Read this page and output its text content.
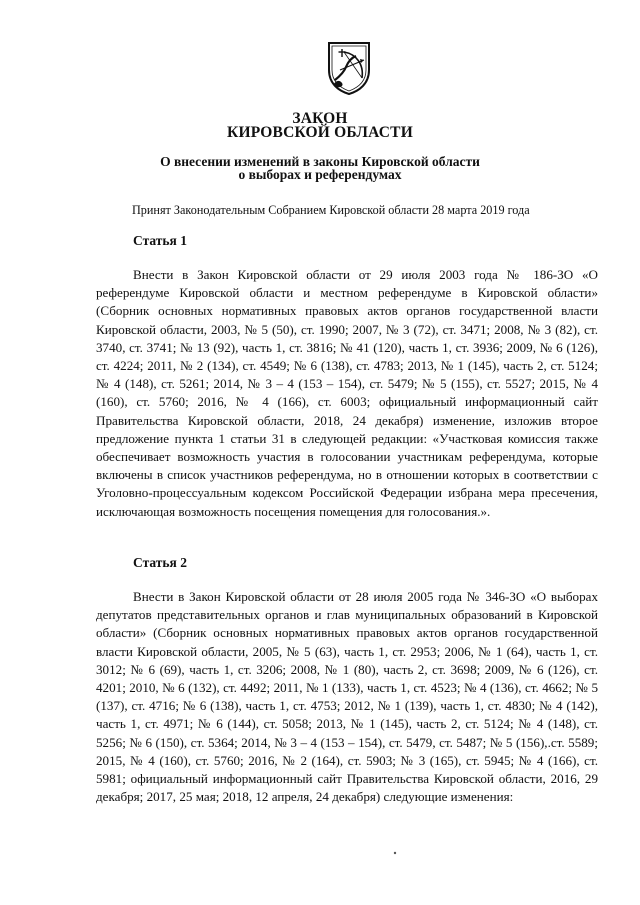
ЗАКОН
КИРОВСКОЙ ОБЛАСТИ
О внесении изменений в законы Кировской области
о выборах и референдумах
Принят Законодательным Собранием Кировской области 28 марта 2019 года
Статья 1
Внести в Закон Кировской области от 29 июля 2003 года № 186-ЗО «О референдуме Кировской области и местном референдуме в Кировской области» (Сборник основных нормативных правовых актов органов государственной власти Кировской области, 2003, № 5 (50), ст. 1990; 2007, № 3 (72), ст. 3471; 2008, № 3 (82), ст. 3740, ст. 3741; № 13 (92), часть 1, ст. 3816; № 41 (120), часть 1, ст. 3936; 2009, № 6 (126), ст. 4224; 2011, № 2 (134), ст. 4549; № 6 (138), ст. 4783; 2013, № 1 (145), часть 2, ст. 5124; № 4 (148), ст. 5261; 2014, № 3 – 4 (153 – 154), ст. 5479; № 5 (155), ст. 5527; 2015, № 4 (160), ст. 5760; 2016, № 4 (166), ст. 6003; официальный информационный сайт Правительства Кировской области, 2018, 24 декабря) изменение, изложив второе предложение пункта 1 статьи 31 в следующей редакции: «Участковая комиссия также обеспечивает возможность участия в голосовании участникам референдума, которые включены в список участников референдума, но в отношении которых в соответствии с Уголовно-процессуальным кодексом Российской Федерации избрана мера пресечения, исключающая возможность посещения помещения для голосования.».
Статья 2
Внести в Закон Кировской области от 28 июля 2005 года № 346-ЗО «О выборах депутатов представительных органов и глав муниципальных образований в Кировской области» (Сборник основных нормативных правовых актов органов государственной власти Кировской области, 2005, № 5 (63), часть 1, ст. 2953; 2006, № 1 (64), часть 1, ст. 3012; № 6 (69), часть 1, ст. 3206; 2008, № 1 (80), часть 2, ст. 3698; 2009, № 6 (126), ст. 4201; 2010, № 6 (132), ст. 4492; 2011, № 1 (133), часть 1, ст. 4523; № 4 (136), ст. 4662; № 5 (137), ст. 4716; № 6 (138), часть 1, ст. 4753; 2012, № 1 (139), часть 1, ст. 4830; № 4 (142), часть 1, ст. 4971; № 6 (144), ст. 5058; 2013, № 1 (145), часть 2, ст. 5124; № 4 (148), ст. 5256; № 6 (150), ст. 5364; 2014, № 3 – 4 (153 – 154), ст. 5479, ст. 5487; № 5 (156),.ст. 5589; 2015, № 4 (160), ст. 5760; 2016, № 2 (164), ст. 5903; № 3 (165), ст. 5945; № 4 (166), ст. 5981; официальный информационный сайт Правительства Кировской области, 2016, 29 декабря; 2017, 25 мая; 2018, 12 апреля, 24 декабря) следующие изменения:
